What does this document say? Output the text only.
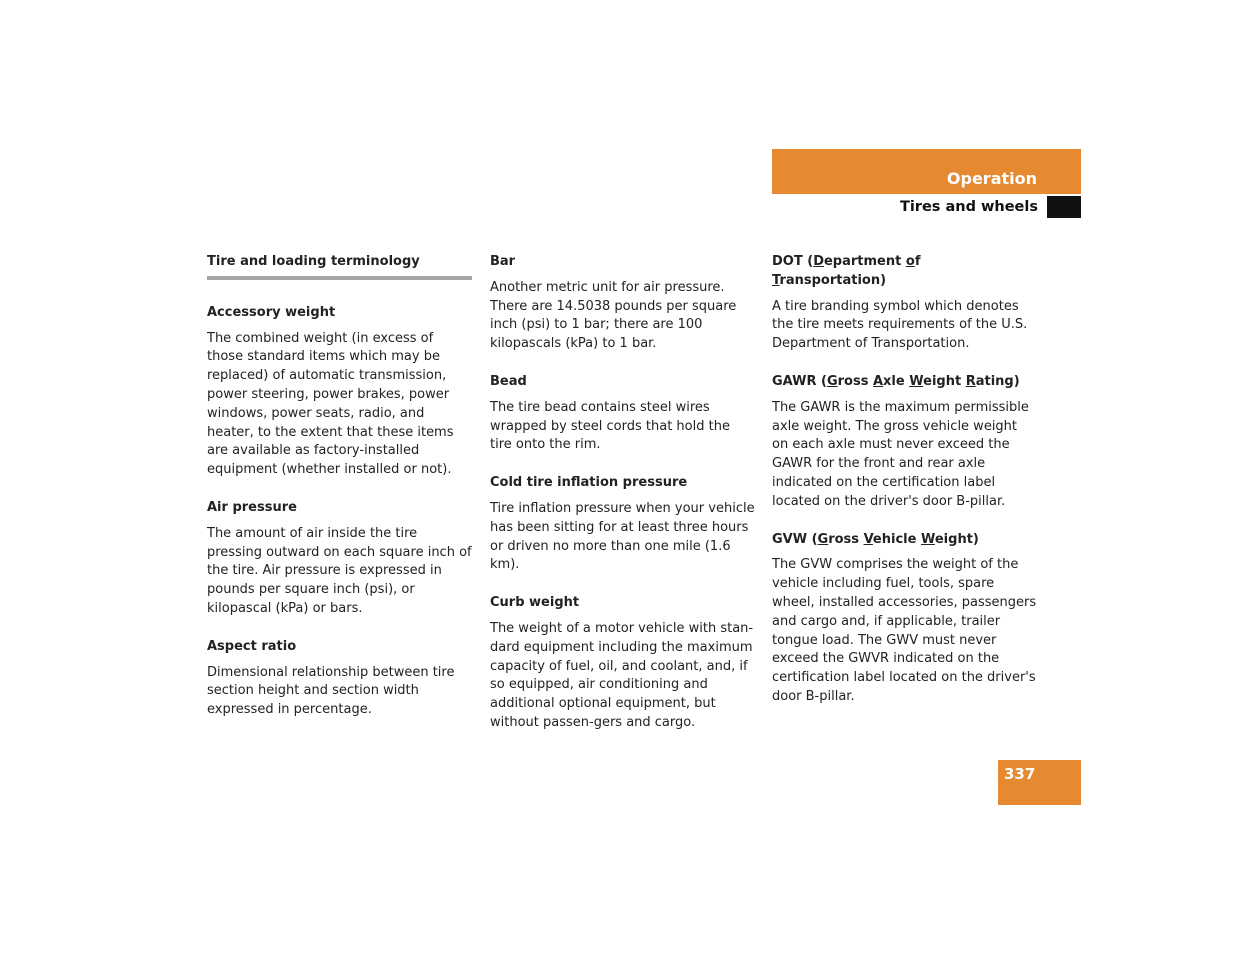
Operation
Tires and wheels
Tire and loading terminology
Accessory weight
The combined weight (in excess of those standard items which may be replaced) of automatic transmission, power steering, power brakes, power windows, power seats, radio, and heater, to the extent that these items are available as factory-installed equipment (whether installed or not).
Air pressure
The amount of air inside the tire pressing outward on each square inch of the tire. Air pressure is expressed in pounds per square inch (psi), or kilopascal (kPa) or bars.
Aspect ratio
Dimensional relationship between tire section height and section width expressed in percentage.
Bar
Another metric unit for air pressure. There are 14.5038 pounds per square inch (psi) to 1 bar; there are 100 kilopascals (kPa) to 1 bar.
Bead
The tire bead contains steel wires wrapped by steel cords that hold the tire onto the rim.
Cold tire inflation pressure
Tire inflation pressure when your vehicle has been sitting for at least three hours or driven no more than one mile (1.6 km).
Curb weight
The weight of a motor vehicle with stan-dard equipment including the maximum capacity of fuel, oil, and coolant, and, if so equipped, air conditioning and additional optional equipment, but without passen-gers and cargo.
DOT (Department of Transportation)
A tire branding symbol which denotes the tire meets requirements of the U.S. Department of Transportation.
GAWR (Gross Axle Weight Rating)
The GAWR is the maximum permissible axle weight. The gross vehicle weight on each axle must never exceed the GAWR for the front and rear axle indicated on the certification label located on the driver's door B-pillar.
GVW (Gross Vehicle Weight)
The GVW comprises the weight of the vehicle including fuel, tools, spare wheel, installed accessories, passengers and cargo and, if applicable, trailer tongue load. The GWV must never exceed the GWVR indicated on the certification label located on the driver's door B-pillar.
337
